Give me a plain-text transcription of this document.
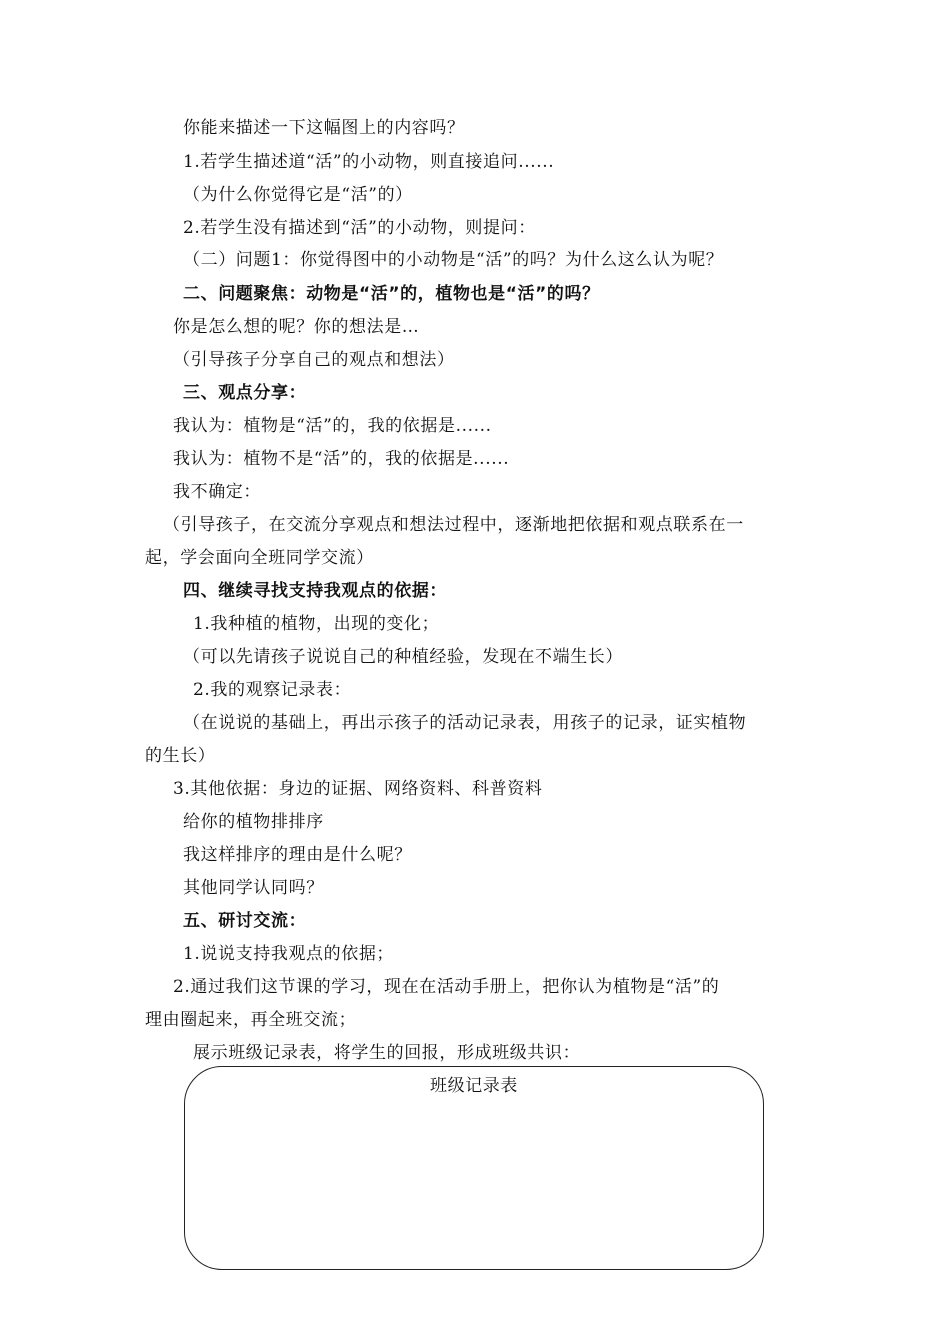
你能来描述一下这幅图上的内容吗？
1.若学生描述道“活”的小动物，则直接追问......
（为什么你觉得它是“活”的）
2.若学生没有描述到“活”的小动物，则提问：
（二）问题1：你觉得图中的小动物是“活”的吗？为什么这么认为呢？
二、问题聚焦：动物是“活”的，植物也是“活”的吗？
你是怎么想的呢？你的想法是…
（引导孩子分享自己的观点和想法）
三、观点分享：
我认为：植物是“活”的，我的依据是......
我认为：植物不是“活”的，我的依据是......
我不确定：
（引导孩子，在交流分享观点和想法过程中，逐渐地把依据和观点联系在一
起，学会面向全班同学交流）
四、继续寻找支持我观点的依据：
1.我种植的植物，出现的变化；
（可以先请孩子说说自己的种植经验，发现在不端生长）
2.我的观察记录表：
（在说说的基础上，再出示孩子的活动记录表，用孩子的记录，证实植物
的生长）
3.其他依据：身边的证据、网络资料、科普资料
给你的植物排排序
我这样排序的理由是什么呢？
其他同学认同吗？
五、研讨交流：
1.说说支持我观点的依据；
2.通过我们这节课的学习，现在在活动手册上，把你认为植物是“活”的
理由圈起来，再全班交流；
展示班级记录表，将学生的回报，形成班级共识：
班级记录表
